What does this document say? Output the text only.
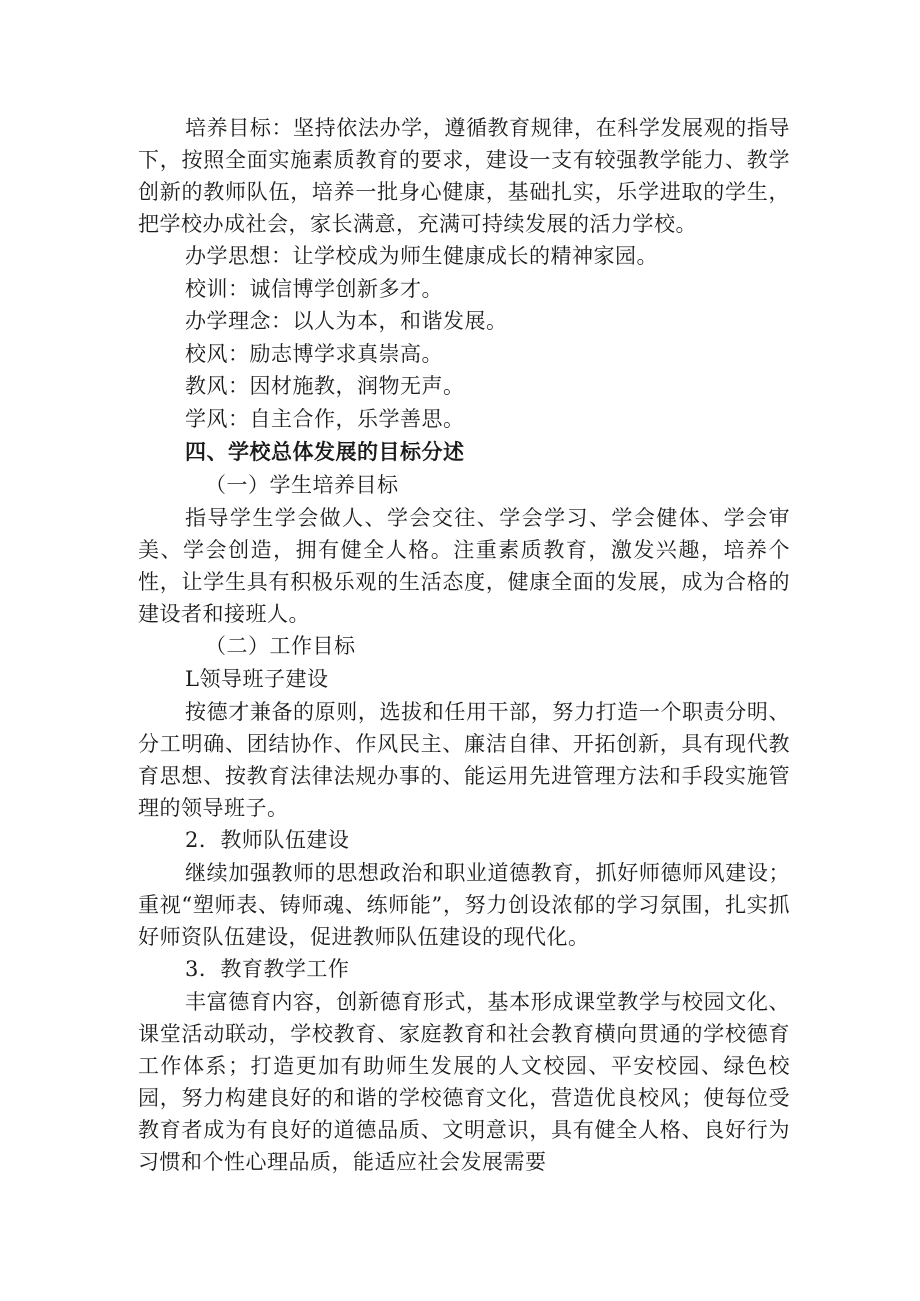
培养目标：坚持依法办学，遵循教育规律，在科学发展观的指导下，按照全面实施素质教育的要求，建设一支有较强教学能力、教学创新的教师队伍，培养一批身心健康，基础扎实，乐学进取的学生，把学校办成社会，家长满意，充满可持续发展的活力学校。

办学思想：让学校成为师生健康成长的精神家园。

校训：诚信博学创新多才。

办学理念：以人为本，和谐发展。

校风：励志博学求真崇高。

教风：因材施教，润物无声。

学风：自主合作，乐学善思。

四、学校总体发展的目标分述

（一）学生培养目标

指导学生学会做人、学会交往、学会学习、学会健体、学会审美、学会创造，拥有健全人格。注重素质教育，激发兴趣，培养个性，让学生具有积极乐观的生活态度，健康全面的发展，成为合格的建设者和接班人。

（二）工作目标

L领导班子建设

按德才兼备的原则，选拔和任用干部，努力打造一个职责分明、分工明确、团结协作、作风民主、廉洁自律、开拓创新，具有现代教育思想、按教育法律法规办事的、能运用先进管理方法和手段实施管理的领导班子。

2．教师队伍建设

继续加强教师的思想政治和职业道德教育，抓好师德师风建设；重视“塑师表、铸师魂、练师能”，努力创设浓郁的学习氛围，扎实抓好师资队伍建设，促进教师队伍建设的现代化。

3．教育教学工作

丰富德育内容，创新德育形式，基本形成课堂教学与校园文化、课堂活动联动，学校教育、家庭教育和社会教育横向贯通的学校德育工作体系；打造更加有助师生发展的人文校园、平安校园、绿色校园，努力构建良好的和谐的学校德育文化，营造优良校风；使每位受教育者成为有良好的道德品质、文明意识，具有健全人格、良好行为习惯和个性心理品质，能适应社会发展需要
